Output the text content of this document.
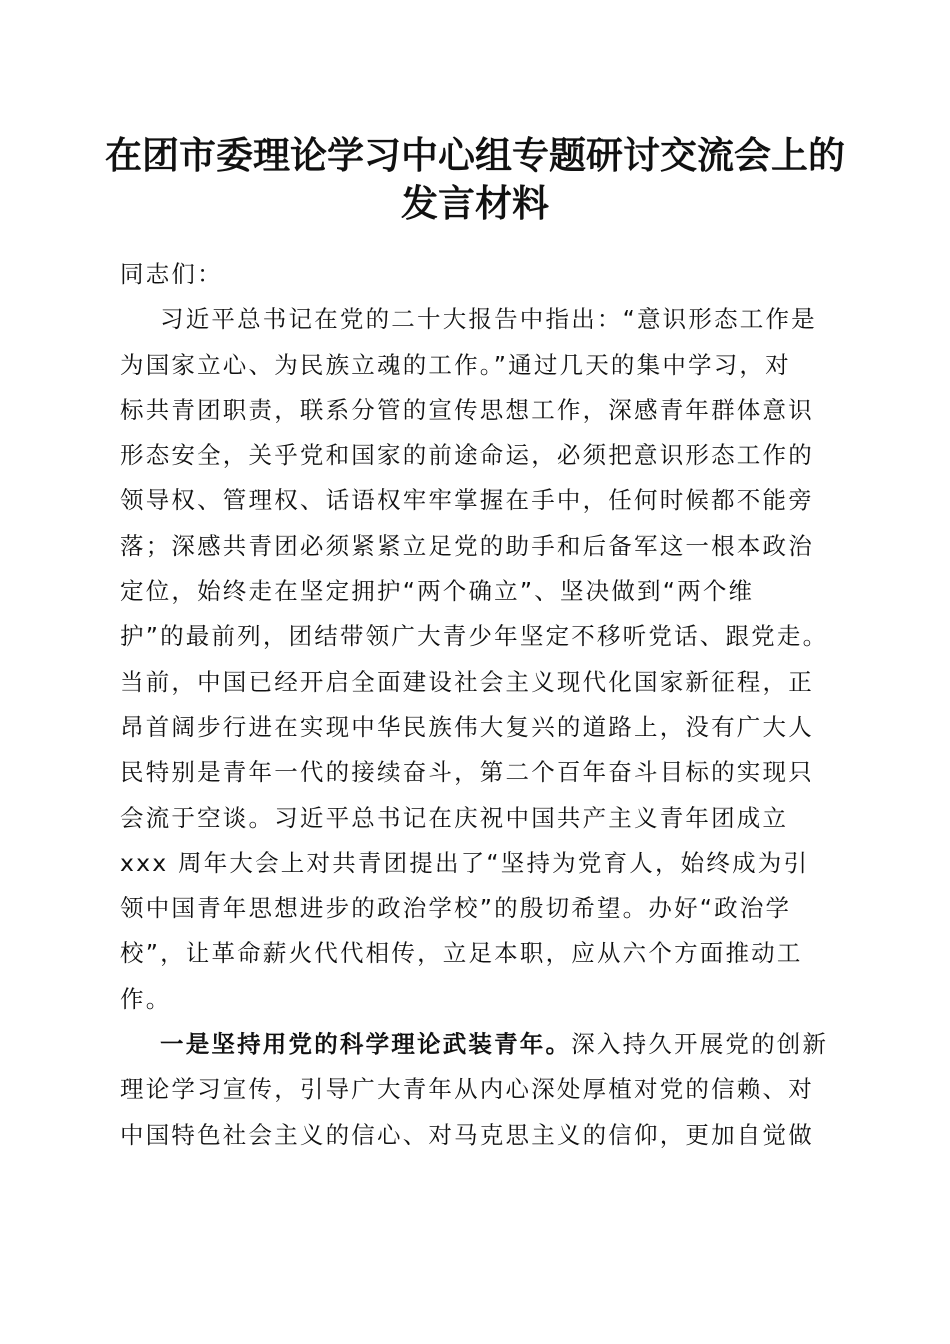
在团市委理论学习中心组专题研讨交流会上的
发言材料

同志们：

习近平总书记在党的二十大报告中指出：“意识形态工作是
为国家立心、为民族立魂的工作。”通过几天的集中学习，对
标共青团职责，联系分管的宣传思想工作，深感青年群体意识
形态安全，关乎党和国家的前途命运，必须把意识形态工作的
领导权、管理权、话语权牢牢掌握在手中，任何时候都不能旁
落；深感共青团必须紧紧立足党的助手和后备军这一根本政治
定位，始终走在坚定拥护“两个确立”、坚决做到“两个维
护”的最前列，团结带领广大青少年坚定不移听党话、跟党走。
当前，中国已经开启全面建设社会主义现代化国家新征程，正
昂首阔步行进在实现中华民族伟大复兴的道路上，没有广大人
民特别是青年一代的接续奋斗，第二个百年奋斗目标的实现只
会流于空谈。习近平总书记在庆祝中国共产主义青年团成立
xxx 周年大会上对共青团提出了“坚持为党育人，始终成为引
领中国青年思想进步的政治学校”的殷切希望。办好“政治学
校”，让革命薪火代代相传，立足本职，应从六个方面推动工
作。

一是坚持用党的科学理论武装青年。深入持久开展党的创新
理论学习宣传，引导广大青年从内心深处厚植对党的信赖、对
中国特色社会主义的信心、对马克思主义的信仰，更加自觉做
